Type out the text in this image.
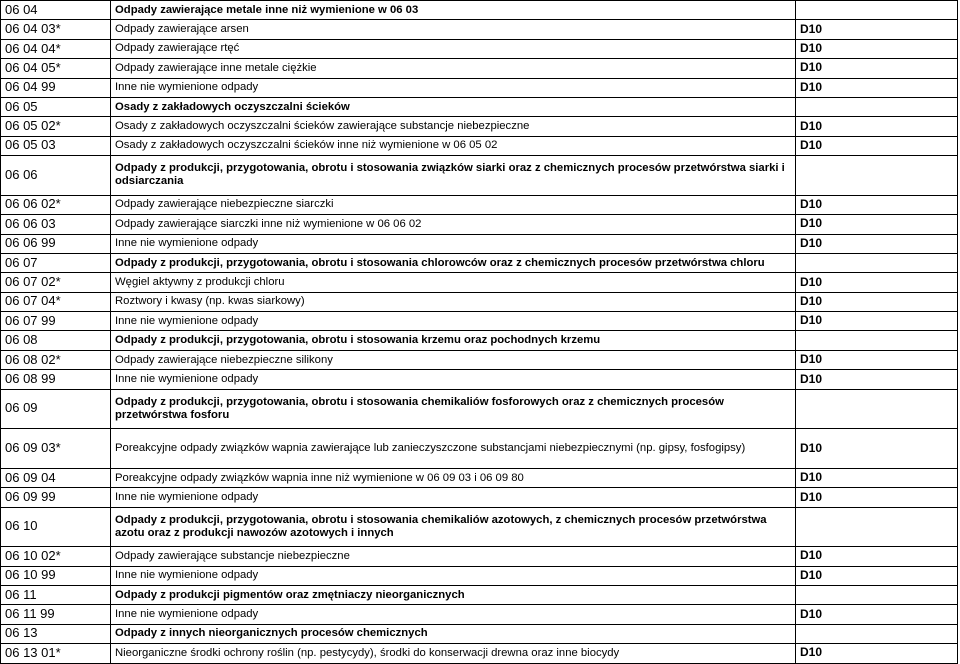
06 04	Odpady zawierające metale inne niż wymienione w 06 03	
06 04 03*	Odpady zawierające arsen	D10
06 04 04*	Odpady zawierające rtęć	D10
06 04 05*	Odpady zawierające inne metale ciężkie	D10
06 04 99	Inne nie wymienione odpady	D10
06 05	Osady z zakładowych oczyszczalni ścieków	
06 05 02*	Osady z zakładowych oczyszczalni ścieków zawierające substancje niebezpieczne	D10
06 05 03	Osady z zakładowych oczyszczalni ścieków inne niż wymienione w 06 05 02	D10
06 06	Odpady z produkcji, przygotowania, obrotu i stosowania związków siarki oraz z chemicznych procesów przetwórstwa siarki i odsiarczania	
06 06 02*	Odpady zawierające niebezpieczne siarczki	D10
06 06 03	Odpady zawierające siarczki inne niż wymienione w 06 06 02	D10
06 06 99	Inne nie wymienione odpady	D10
06 07	Odpady z produkcji, przygotowania, obrotu i stosowania chlorowców oraz z chemicznych procesów przetwórstwa chloru	
06 07 02*	Węgiel aktywny z produkcji chloru	D10
06 07 04*	Roztwory i kwasy (np. kwas siarkowy)	D10
06 07 99	Inne nie wymienione odpady	D10
06 08	Odpady z produkcji, przygotowania, obrotu i stosowania krzemu oraz pochodnych krzemu	
06 08 02*	Odpady zawierające niebezpieczne silikony	D10
06 08 99	Inne nie wymienione odpady	D10
06 09	Odpady z produkcji, przygotowania, obrotu i stosowania chemikaliów fosforowych oraz z chemicznych procesów przetwórstwa fosforu	
06 09 03*	Poreakcyjne odpady związków wapnia zawierające lub zanieczyszczone substancjami niebezpiecznymi (np. gipsy, fosfogipsy)	D10
06 09 04	Poreakcyjne odpady związków wapnia inne niż wymienione w 06 09 03 i 06 09 80	D10
06 09 99	Inne nie wymienione odpady	D10
06 10	Odpady z produkcji, przygotowania, obrotu i stosowania chemikaliów azotowych, z chemicznych procesów przetwórstwa azotu oraz z produkcji nawozów azotowych i innych	
06 10 02*	Odpady zawierające substancje niebezpieczne	D10
06 10 99	Inne nie wymienione odpady	D10
06 11	Odpady z produkcji pigmentów oraz zmętniaczy nieorganicznych	
06 11 99	Inne nie wymienione odpady	D10
06 13	Odpady z innych nieorganicznych procesów chemicznych	
06 13 01*	Nieorganiczne środki ochrony roślin (np. pestycydy), środki do konserwacji drewna oraz inne biocydy	D10
